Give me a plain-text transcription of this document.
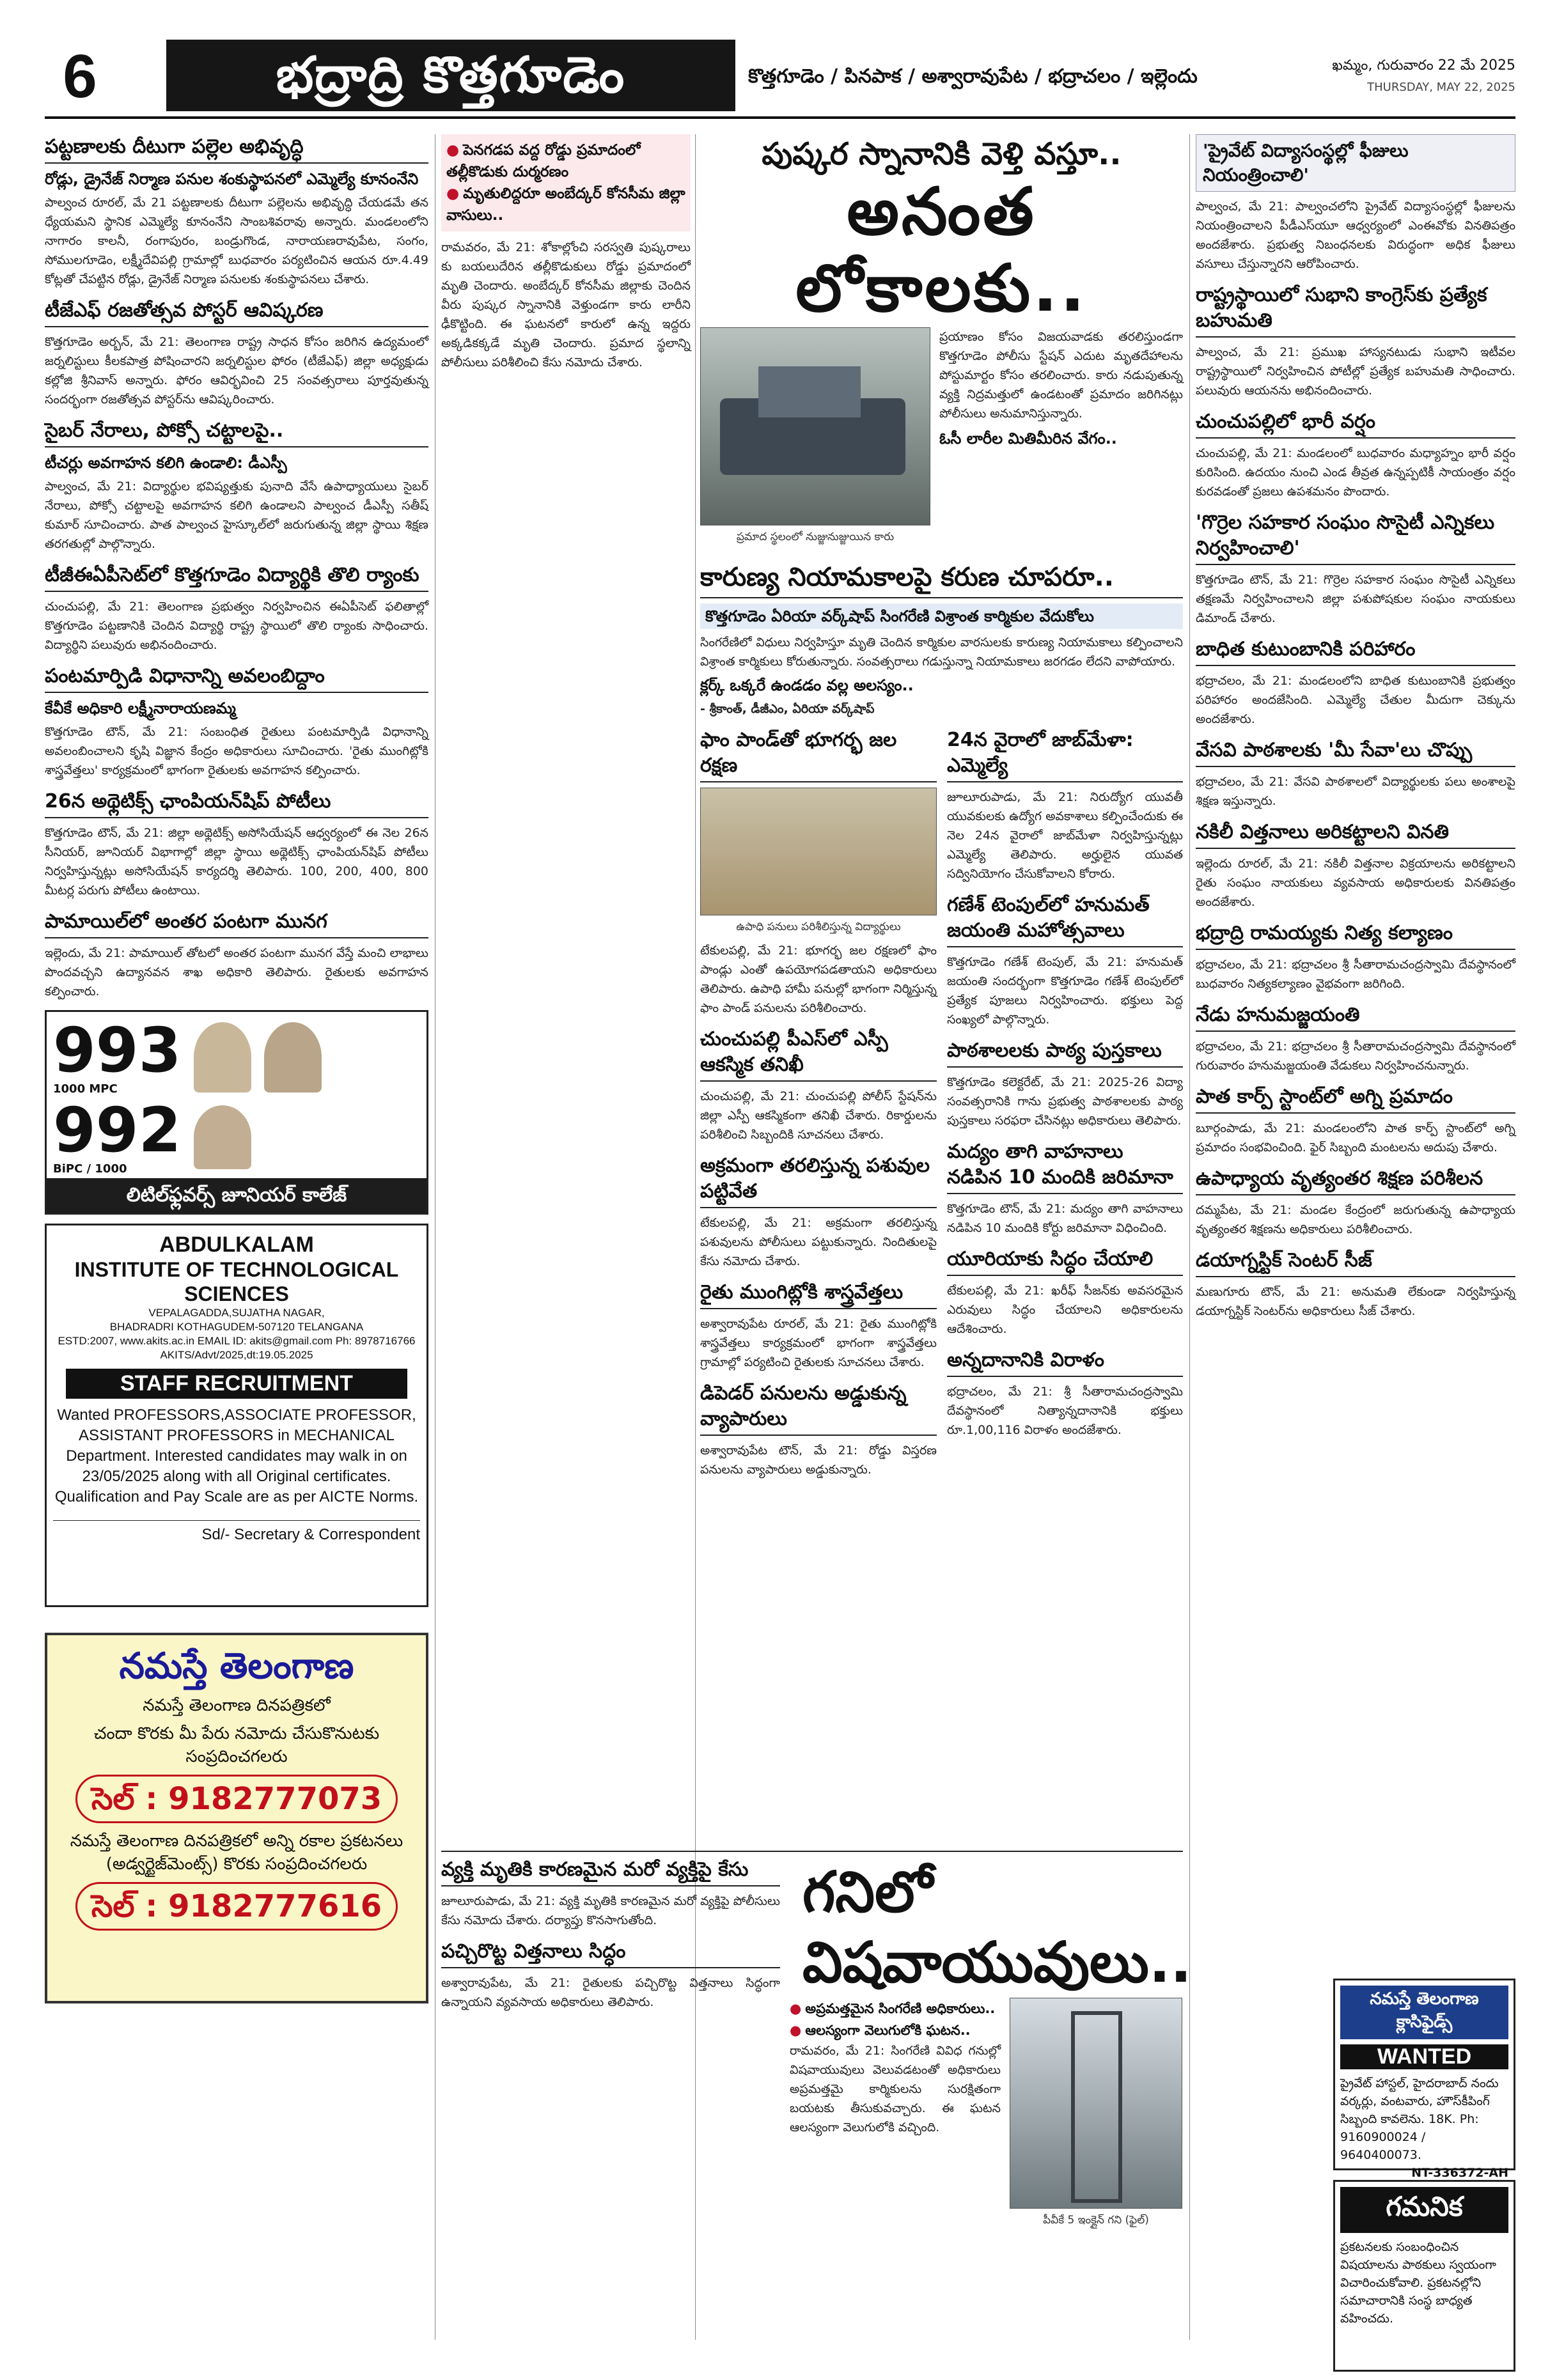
6	భద్రాద్రి కొత్తగూడెం	కొత్తగూడెం / పినపాక / అశ్వారావుపేట / భద్రాచలం / ఇల్లెందు	ఖమ్మం, గురువారం 22 మే 2025
THURSDAY, MAY 22, 2025
పట్టణాలకు దీటుగా పల్లెల అభివృద్ధి
రోడ్లు, డ్రైనేజ్ నిర్మాణ పనుల శంకుస్థాపనలో ఎమ్మెల్యే కూనంనేని
పాల్వంచ రూరల్, మే 21 పట్టణాలకు దీటుగా పల్లెలను అభివృద్ధి చేయడమే తన ధ్యేయమని స్థానిక ఎమ్మెల్యే కూనంనేని సాంబశివరావు అన్నారు. మండలంలోని నాగారం కాలనీ, రంగాపురం, బండ్రుగొండ, నారాయణరావుపేట, సంగం, సోములగూడెం, లక్ష్మీదేవిపల్లి గ్రామాల్లో బుధవారం పర్యటించిన ఆయన రూ.4.49 కోట్లతో చేపట్టిన రోడ్లు, డ్రైనేజ్ నిర్మాణ పనులకు శంకుస్థాపనలు చేశారు.
టీజేఎఫ్ రజతోత్సవ పోస్టర్ ఆవిష్కరణ
కొత్తగూడెం అర్బన్, మే 21: తెలంగాణ రాష్ట్ర సాధన కోసం జరిగిన ఉద్యమంలో జర్నలిస్టులు కీలకపాత్ర పోషించారని జర్నలిస్టుల ఫోరం (టీజేఎఫ్) జిల్లా అధ్యక్షుడు కల్లోజి శ్రీనివాస్ అన్నారు. ఫోరం ఆవిర్భవించి 25 సంవత్సరాలు పూర్తవుతున్న సందర్భంగా రజతోత్సవ పోస్టర్‌ను ఆవిష్కరించారు.
సైబర్ నేరాలు, పోక్సో చట్టాలపై..
టీచర్లు అవగాహన కలిగి ఉండాలి: డీఎస్పీ
పాల్వంచ, మే 21: విద్యార్థుల భవిష్యత్తుకు పునాది వేసే ఉపాధ్యాయులు సైబర్ నేరాలు, పోక్సో చట్టాలపై అవగాహన కలిగి ఉండాలని పాల్వంచ డీఎస్పీ సతీష్ కుమార్ సూచించారు. పాత పాల్వంచ హైస్కూల్‌లో జరుగుతున్న జిల్లా స్థాయి శిక్షణ తరగతుల్లో పాల్గొన్నారు.
టీజీఈఏపీసెట్‌లో కొత్తగూడెం విద్యార్థికి తొలి ర్యాంకు
చుంచుపల్లి, మే 21: తెలంగాణ ప్రభుత్వం నిర్వహించిన ఈఏపీసెట్ ఫలితాల్లో కొత్తగూడెం పట్టణానికి చెందిన విద్యార్థి రాష్ట్ర స్థాయిలో తొలి ర్యాంకు సాధించారు. విద్యార్థిని పలువురు అభినందించారు.
పంటమార్పిడి విధానాన్ని అవలంబిద్దాం
కేవీకే అధికారి లక్ష్మీనారాయణమ్మ
కొత్తగూడెం టౌన్, మే 21: సంబంధిత రైతులు పంటమార్పిడి విధానాన్ని అవలంబించాలని కృషి విజ్ఞాన కేంద్రం అధికారులు సూచించారు. 'రైతు ముంగిట్లోకి శాస్త్రవేత్తలు' కార్యక్రమంలో భాగంగా రైతులకు అవగాహన కల్పించారు.
26న అథ్లెటిక్స్ ఛాంపియన్‌షిప్ పోటీలు
కొత్తగూడెం టౌన్, మే 21: జిల్లా అథ్లెటిక్స్ అసోసియేషన్ ఆధ్వర్యంలో ఈ నెల 26న సీనియర్, జూనియర్ విభాగాల్లో జిల్లా స్థాయి అథ్లెటిక్స్ ఛాంపియన్‌షిప్ పోటీలు నిర్వహిస్తున్నట్లు అసోసియేషన్ కార్యదర్శి తెలిపారు. 100, 200, 400, 800 మీటర్ల పరుగు పోటీలు ఉంటాయి.
పామాయిల్‌లో అంతర పంటగా మునగ
ఇల్లెందు, మే 21: పామాయిల్ తోటలో అంతర పంటగా మునగ వేస్తే మంచి లాభాలు పొందవచ్చని ఉద్యానవన శాఖ అధికారి తెలిపారు. రైతులకు అవగాహన కల్పించారు.
993
1000 MPC
992
BiPC / 1000
లిటిల్‌ఫ్లవర్స్ జూనియర్ కాలేజ్
ABDULKALAM
INSTITUTE OF TECHNOLOGICAL SCIENCES
VEPALAGADDA,SUJATHA NAGAR,
BHADRADRI KOTHAGUDEM-507120 TELANGANA
ESTD:2007, www.akits.ac.in EMAIL ID: akits@gmail.com Ph: 8978716766
AKITS/Advt/2025,dt:19.05.2025
STAFF RECRUITMENT
Wanted PROFESSORS,ASSOCIATE PROFESSOR, ASSISTANT PROFESSORS in MECHANICAL Department. Interested candidates may walk in on 23/05/2025 along with all Original certificates. Qualification and Pay Scale are as per AICTE Norms.
Sd/- Secretary & Correspondent
నమస్తే తెలంగాణ
నమస్తే తెలంగాణ దినపత్రికలో
చందా కొరకు మీ పేరు నమోదు చేసుకొనుటకు సంప్రదించగలరు
సెల్ : 9182777073
నమస్తే తెలంగాణ దినపత్రికలో అన్ని రకాల ప్రకటనలు (అడ్వర్టైజ్‌మెంట్స్) కొరకు సంప్రదించగలరు
సెల్ : 9182777616
● పెనగడప వద్ద రోడ్డు ప్రమాదంలో తల్లీకొడుకు దుర్మరణం
● మృతులిద్దరూ అంబేద్కర్ కోనసీమ జిల్లా వాసులు..
రామవరం, మే 21: శోకాల్లోంచి సరస్వతి పుష్కరాలు కు బయలుదేరిన తల్లీకొడుకులు రోడ్డు ప్రమాదంలో మృతి చెందారు. అంబేద్కర్ కోనసీమ జిల్లాకు చెందిన వీరు పుష్కర స్నానానికి వెళ్తుండగా కారు లారీని ఢీకొట్టింది. ఈ ఘటనలో కారులో ఉన్న ఇద్దరు అక్కడికక్కడే మృతి చెందారు. ప్రమాద స్థలాన్ని పోలీసులు పరిశీలించి కేసు నమోదు చేశారు.
పుష్కర స్నానానికి వెళ్తి వస్తూ..
అనంత లోకాలకు..
ప్రమాద స్థలంలో నుజ్జునుజ్జుయిన కారు
ప్రయాణం కోసం విజయవాడకు తరలిస్తుండగా కొత్తగూడెం పోలీసు స్టేషన్ ఎదుట మృతదేహాలను పోస్టుమార్టం కోసం తరలించారు. కారు నడుపుతున్న వ్యక్తి నిద్రమత్తులో ఉండటంతో ప్రమాదం జరిగినట్లు పోలీసులు అనుమానిస్తున్నారు.
ఓసీ లారీల మితిమీరిన వేగం..
కారుణ్య నియామకాలపై కరుణ చూపరూ..
కొత్తగూడెం ఏరియా వర్క్‌షాప్ సింగరేణి విశ్రాంత కార్మికుల వేదుకోలు
సింగరేణిలో విధులు నిర్వహిస్తూ మృతి చెందిన కార్మికుల వారసులకు కారుణ్య నియామకాలు కల్పించాలని విశ్రాంత కార్మికులు కోరుతున్నారు. సంవత్సరాలు గడుస్తున్నా నియామకాలు జరగడం లేదని వాపోయారు.
క్లర్క్ ఒక్కరే ఉండడం వల్ల అలస్యం..
- శ్రీకాంత్, డీజీఎం, ఏరియా వర్క్‌షాప్
ఫాం పాండ్‌తో భూగర్భ జల రక్షణ
ఉపాధి పనులు పరిశీలిస్తున్న విద్యార్థులు
టేకులపల్లి, మే 21: భూగర్భ జల రక్షణలో ఫాం పాండ్లు ఎంతో ఉపయోగపడతాయని అధికారులు తెలిపారు. ఉపాధి హామీ పనుల్లో భాగంగా నిర్మిస్తున్న ఫాం పాండ్ పనులను పరిశీలించారు.
చుంచుపల్లి పీఎస్‌లో ఎస్పీ ఆకస్మిక తనిఖీ
చుంచుపల్లి, మే 21: చుంచుపల్లి పోలీస్ స్టేషన్‌ను జిల్లా ఎస్పీ ఆకస్మికంగా తనిఖీ చేశారు. రికార్డులను పరిశీలించి సిబ్బందికి సూచనలు చేశారు.
అక్రమంగా తరలిస్తున్న పశువుల పట్టివేత
టేకులపల్లి, మే 21: అక్రమంగా తరలిస్తున్న పశువులను పోలీసులు పట్టుకున్నారు. నిందితులపై కేసు నమోదు చేశారు.
రైతు ముంగిట్లోకి శాస్త్రవేత్తలు
అశ్వారావుపేట రూరల్, మే 21: రైతు ముంగిట్లోకి శాస్త్రవేత్తలు కార్యక్రమంలో భాగంగా శాస్త్రవేత్తలు గ్రామాల్లో పర్యటించి రైతులకు సూచనలు చేశారు.
డిపెడర్ పనులను అడ్డుకున్న వ్యాపారులు
అశ్వారావుపేట టౌన్, మే 21: రోడ్డు విస్తరణ పనులను వ్యాపారులు అడ్డుకున్నారు.
24న వైరాలో జాబ్‌మేళా: ఎమ్మెల్యే
జూలూరుపాడు, మే 21: నిరుద్యోగ యువతీ యువకులకు ఉద్యోగ అవకాశాలు కల్పించేందుకు ఈ నెల 24న వైరాలో జాబ్‌మేళా నిర్వహిస్తున్నట్లు ఎమ్మెల్యే తెలిపారు. అర్హులైన యువత సద్వినియోగం చేసుకోవాలని కోరారు.
గణేశ్ టెంపుల్‌లో హనుమత్ జయంతి మహోత్సవాలు
కొత్తగూడెం గణేశ్ టెంపుల్, మే 21: హనుమత్ జయంతి సందర్భంగా కొత్తగూడెం గణేశ్ టెంపుల్‌లో ప్రత్యేక పూజలు నిర్వహించారు. భక్తులు పెద్ద సంఖ్యలో పాల్గొన్నారు.
పాఠశాలలకు పాఠ్య పుస్తకాలు
కొత్తగూడెం కలెక్టరేట్, మే 21: 2025-26 విద్యా సంవత్సరానికి గాను ప్రభుత్వ పాఠశాలలకు పాఠ్య పుస్తకాలు సరఫరా చేసినట్లు అధికారులు తెలిపారు.
మద్యం తాగి వాహనాలు నడిపిన 10 మందికి జరిమానా
కొత్తగూడెం టౌన్, మే 21: మద్యం తాగి వాహనాలు నడిపిన 10 మందికి కోర్టు జరిమానా విధించింది.
యూరియాకు సిద్ధం చేయాలి
టేకులపల్లి, మే 21: ఖరీఫ్ సీజన్‌కు అవసరమైన ఎరువులు సిద్ధం చేయాలని అధికారులను ఆదేశించారు.
అన్నదానానికి విరాళం
భద్రాచలం, మే 21: శ్రీ సీతారామచంద్రస్వామి దేవస్థానంలో నిత్యాన్నదానానికి భక్తులు రూ.1,00,116 విరాళం అందజేశారు.
వ్యక్తి మృతికి కారణమైన మరో వ్యక్తిపై కేసు
జూలూరుపాడు, మే 21: వ్యక్తి మృతికి కారణమైన మరో వ్యక్తిపై పోలీసులు కేసు నమోదు చేశారు. దర్యాప్తు కొనసాగుతోంది.
పచ్చిరొట్ట విత్తనాలు సిద్ధం
అశ్వారావుపేట, మే 21: రైతులకు పచ్చిరొట్ట విత్తనాలు సిద్ధంగా ఉన్నాయని వ్యవసాయ అధికారులు తెలిపారు.
గనిలో విషవాయువులు..
● అప్రమత్తమైన సింగరేణి అధికారులు..
● ఆలస్యంగా వెలుగులోకి ఘటన..
రామవరం, మే 21: సింగరేణి వివిధ గనుల్లో విషవాయువులు వెలువడటంతో అధికారులు అప్రమత్తమై కార్మికులను సురక్షితంగా బయటకు తీసుకువచ్చారు. ఈ ఘటన ఆలస్యంగా వెలుగులోకి వచ్చింది.
పీవీకే 5 ఇంక్లైన్ గని (ఫైల్)
'ప్రైవేట్ విద్యాసంస్థల్లో ఫీజులు నియంత్రించాలి'
పాల్వంచ, మే 21: పాల్వంచలోని ప్రైవేట్ విద్యాసంస్థల్లో ఫీజులను నియంత్రించాలని పీడీఎస్‌యూ ఆధ్వర్యంలో ఎంఈవోకు వినతిపత్రం అందజేశారు. ప్రభుత్వ నిబంధనలకు విరుద్ధంగా అధిక ఫీజులు వసూలు చేస్తున్నారని ఆరోపించారు.
రాష్ట్రస్థాయిలో సుభాని కాంగ్రెస్‌కు ప్రత్యేక బహుమతి
పాల్వంచ, మే 21: ప్రముఖ హాస్యనటుడు సుభాని ఇటీవల రాష్ట్రస్థాయిలో నిర్వహించిన పోటీల్లో ప్రత్యేక బహుమతి సాధించారు. పలువురు ఆయనను అభినందించారు.
చుంచుపల్లిలో భారీ వర్షం
చుంచుపల్లి, మే 21: మండలంలో బుధవారం మధ్యాహ్నం భారీ వర్షం కురిసింది. ఉదయం నుంచి ఎండ తీవ్రత ఉన్నప్పటికీ సాయంత్రం వర్షం కురవడంతో ప్రజలు ఉపశమనం పొందారు.
'గొర్రెల సహకార సంఘం సొసైటీ ఎన్నికలు నిర్వహించాలి'
కొత్తగూడెం టౌన్, మే 21: గొర్రెల సహకార సంఘం సొసైటీ ఎన్నికలు తక్షణమే నిర్వహించాలని జిల్లా పశుపోషకుల సంఘం నాయకులు డిమాండ్ చేశారు.
బాధిత కుటుంబానికి పరిహారం
భద్రాచలం, మే 21: మండలంలోని బాధిత కుటుంబానికి ప్రభుత్వం పరిహారం అందజేసింది. ఎమ్మెల్యే చేతుల మీదుగా చెక్కును అందజేశారు.
వేసవి పాఠశాలకు 'మీ సేవా'లు చొప్పు
భద్రాచలం, మే 21: వేసవి పాఠశాలలో విద్యార్థులకు పలు అంశాలపై శిక్షణ ఇస్తున్నారు.
నకిలీ విత్తనాలు అరికట్టాలని వినతి
ఇల్లెందు రూరల్, మే 21: నకిలీ విత్తనాల విక్రయాలను అరికట్టాలని రైతు సంఘం నాయకులు వ్యవసాయ అధికారులకు వినతిపత్రం అందజేశారు.
భద్రాద్రి రామయ్యకు నిత్య కల్యాణం
భద్రాచలం, మే 21: భద్రాచలం శ్రీ సీతారామచంద్రస్వామి దేవస్థానంలో బుధవారం నిత్యకల్యాణం వైభవంగా జరిగింది.
నేడు హనుమజ్జయంతి
భద్రాచలం, మే 21: భద్రాచలం శ్రీ సీతారామచంద్రస్వామి దేవస్థానంలో గురువారం హనుమజ్జయంతి వేడుకలు నిర్వహించనున్నారు.
పాత కార్ప్ స్టాంట్‌లో అగ్ని ప్రమాదం
బూర్గంపాడు, మే 21: మండలంలోని పాత కార్ప్ స్టాంట్‌లో అగ్ని ప్రమాదం సంభవించింది. ఫైర్ సిబ్బంది మంటలను అదుపు చేశారు.
ఉపాధ్యాయ వృత్యంతర శిక్షణ పరిశీలన
దమ్మపేట, మే 21: మండల కేంద్రంలో జరుగుతున్న ఉపాధ్యాయ వృత్యంతర శిక్షణను అధికారులు పరిశీలించారు.
డయాగ్నస్టిక్ సెంటర్ సీజ్
మణుగూరు టౌన్, మే 21: అనుమతి లేకుండా నిర్వహిస్తున్న డయాగ్నస్టిక్ సెంటర్‌ను అధికారులు సీజ్ చేశారు.
నమస్తే తెలంగాణ క్లాసిఫైడ్స్
WANTED
ప్రైవేట్ హాస్టల్, హైదరాబాద్ నందు వర్కర్లు, వంటవారు, హౌస్‌కీపింగ్ సిబ్బంది కావలెను. 18K. Ph: 9160900024 / 9640400073.
NT-336372-AH
గమనిక
ప్రకటనలకు సంబంధించిన విషయాలను పాఠకులు స్వయంగా విచారించుకోవాలి. ప్రకటనల్లోని సమాచారానికి సంస్థ బాధ్యత వహించదు.
